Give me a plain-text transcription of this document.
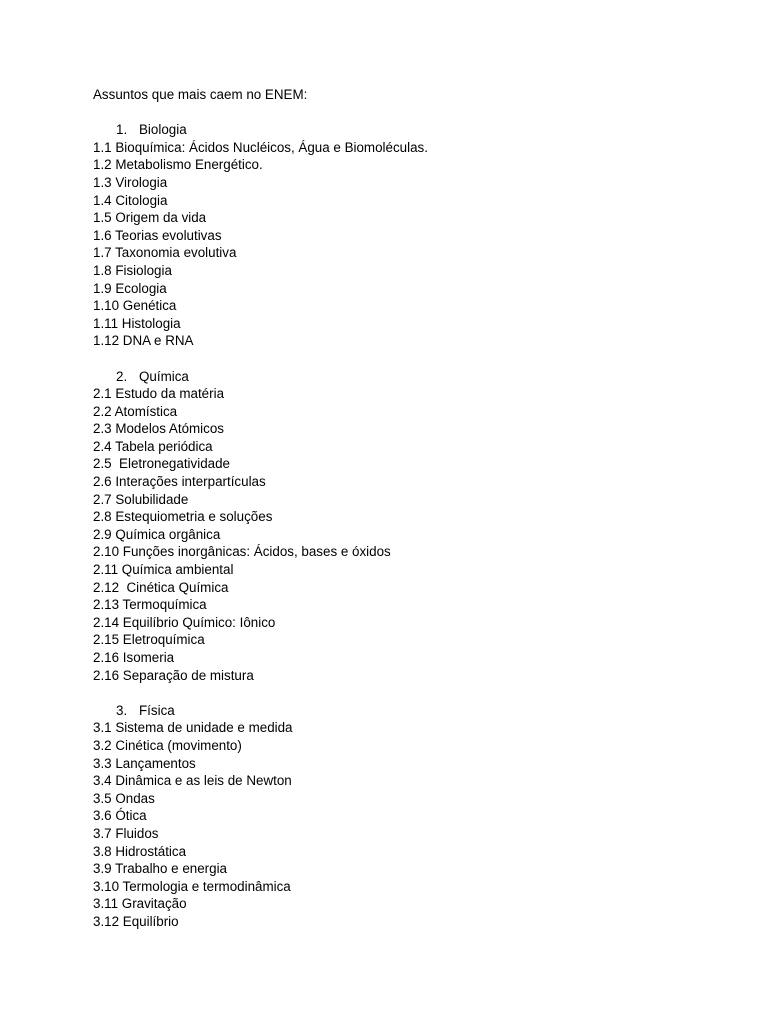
Assuntos que mais caem no ENEM:
1. Biologia
1.1 Bioquímica: Ácidos Nucléicos, Água e Biomoléculas.
1.2 Metabolismo Energético.
1.3 Virologia
1.4 Citologia
1.5 Origem da vida
1.6 Teorias evolutivas
1.7 Taxonomia evolutiva
1.8 Fisiologia
1.9 Ecologia
1.10 Genética
1.11 Histologia
1.12 DNA e RNA
2. Química
2.1 Estudo da matéria
2.2 Atomística
2.3 Modelos Atómicos
2.4 Tabela periódica
2.5  Eletronegatividade
2.6 Interações interpartículas
2.7 Solubilidade
2.8 Estequiometria e soluções
2.9 Química orgânica
2.10 Funções inorgânicas: Ácidos, bases e óxidos
2.11 Química ambiental
2.12  Cinética Química
2.13 Termoquímica
2.14 Equilíbrio Químico: Iônico
2.15 Eletroquímica
2.16 Isomeria
2.16 Separação de mistura
3. Física
3.1 Sistema de unidade e medida
3.2 Cinética (movimento)
3.3 Lançamentos
3.4 Dinâmica e as leis de Newton
3.5 Ondas
3.6 Ótica
3.7 Fluidos
3.8 Hidrostática
3.9 Trabalho e energia
3.10 Termologia e termodinâmica
3.11 Gravitação
3.12 Equilíbrio
